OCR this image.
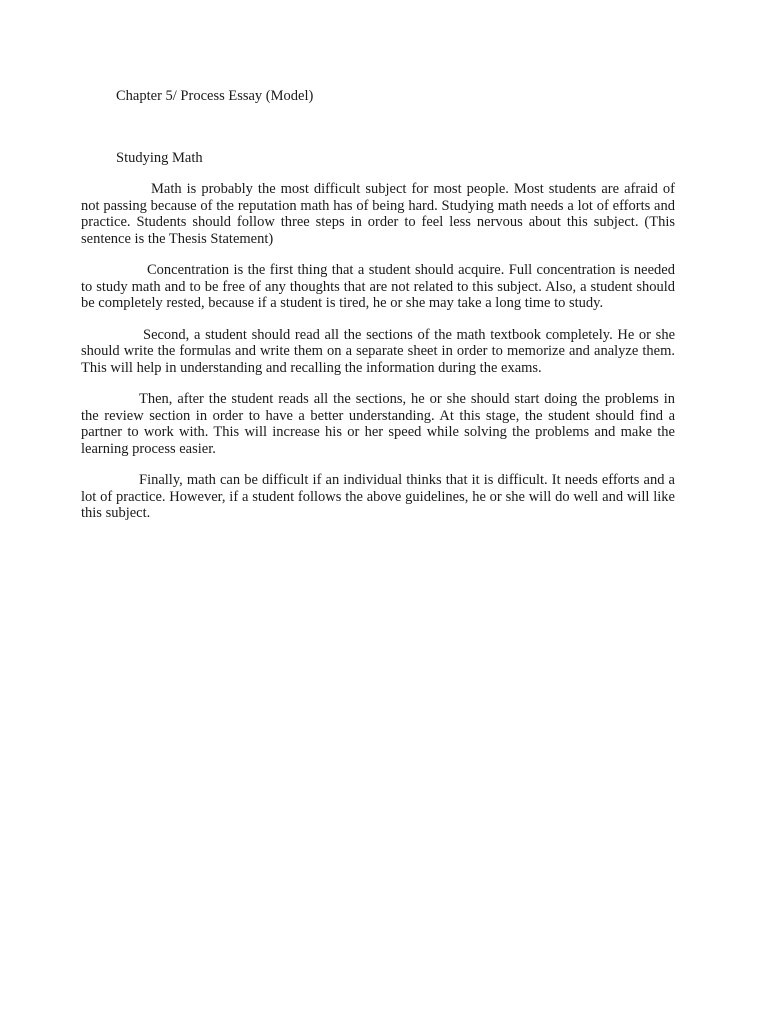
Chapter 5/ Process Essay (Model)
Studying Math

Math is probably the most difficult subject for most people. Most students are afraid of not passing because of the reputation math has of being hard. Studying math needs a lot of efforts and practice. Students should follow three steps in order to feel less nervous about this subject. (This sentence is the Thesis Statement)

Concentration is the first thing that a student should acquire. Full concentration is needed to study math and to be free of any thoughts that are not related to this subject. Also, a student should be completely rested, because if a student is tired, he or she may take a long time to study.

Second, a student should read all the sections of the math textbook completely. He or she should write the formulas and write them on a separate sheet in order to memorize and analyze them. This will help in understanding and recalling the information during the exams.

Then, after the student reads all the sections, he or she should start doing the problems in the review section in order to have a better understanding. At this stage, the student should find a partner to work with. This will increase his or her speed while solving the problems and make the learning process easier.

Finally, math can be difficult if an individual thinks that it is difficult. It needs efforts and a lot of practice. However, if a student follows the above guidelines, he or she will do well and will like this subject.
